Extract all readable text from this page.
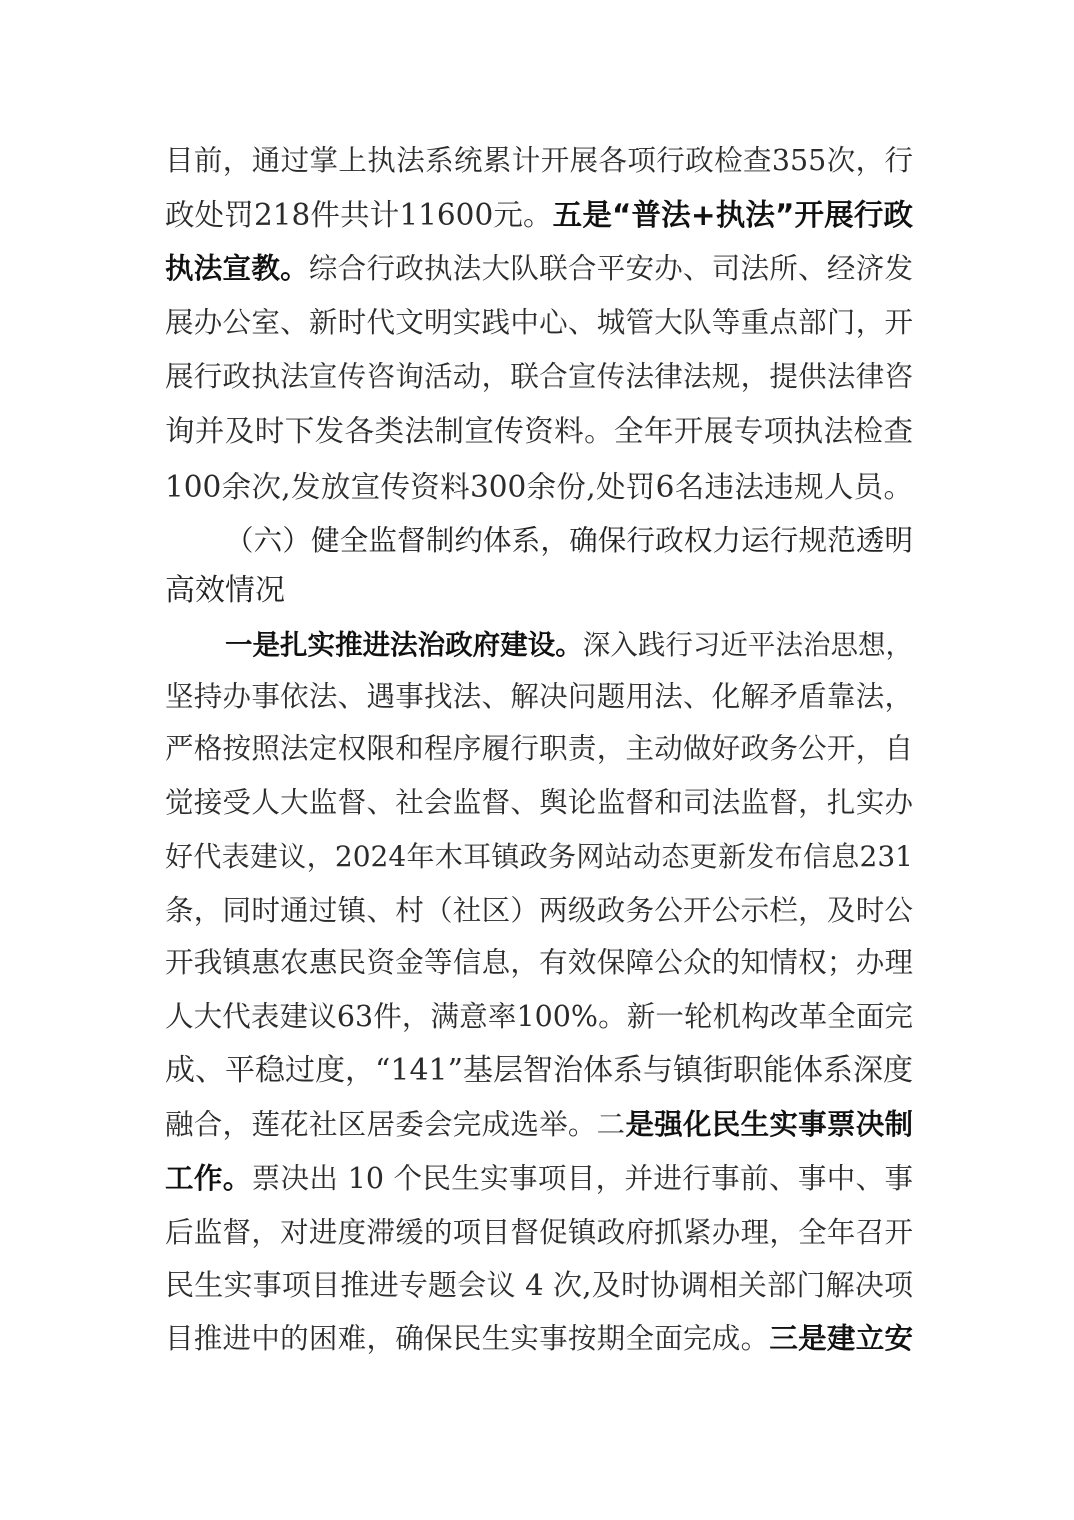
目前，通过掌上执法系统累计开展各项行政检查355次，行
政处罚218件共计11600元。五是“普法+执法”开展行政
执法宣教。综合行政执法大队联合平安办、司法所、经济发
展办公室、新时代文明实践中心、城管大队等重点部门，开
展行政执法宣传咨询活动，联合宣传法律法规，提供法律咨
询并及时下发各类法制宣传资料。全年开展专项执法检查
100余次,发放宣传资料300余份,处罚6名违法违规人员。
（六）健全监督制约体系，确保行政权力运行规范透明
高效情况
一是扎实推进法治政府建设。深入践行习近平法治思想，
坚持办事依法、遇事找法、解决问题用法、化解矛盾靠法，
严格按照法定权限和程序履行职责，主动做好政务公开，自
觉接受人大监督、社会监督、舆论监督和司法监督，扎实办
好代表建议，2024年木耳镇政务网站动态更新发布信息231
条，同时通过镇、村（社区）两级政务公开公示栏，及时公
开我镇惠农惠民资金等信息，有效保障公众的知情权；办理
人大代表建议63件，满意率100%。新一轮机构改革全面完
成、平稳过度，“141”基层智治体系与镇街职能体系深度
融合，莲花社区居委会完成选举。二是强化民生实事票决制
工作。票决出 10 个民生实事项目，并进行事前、事中、事
后监督，对进度滞缓的项目督促镇政府抓紧办理，全年召开
民生实事项目推进专题会议 4 次,及时协调相关部门解决项
目推进中的困难，确保民生实事按期全面完成。三是建立安
